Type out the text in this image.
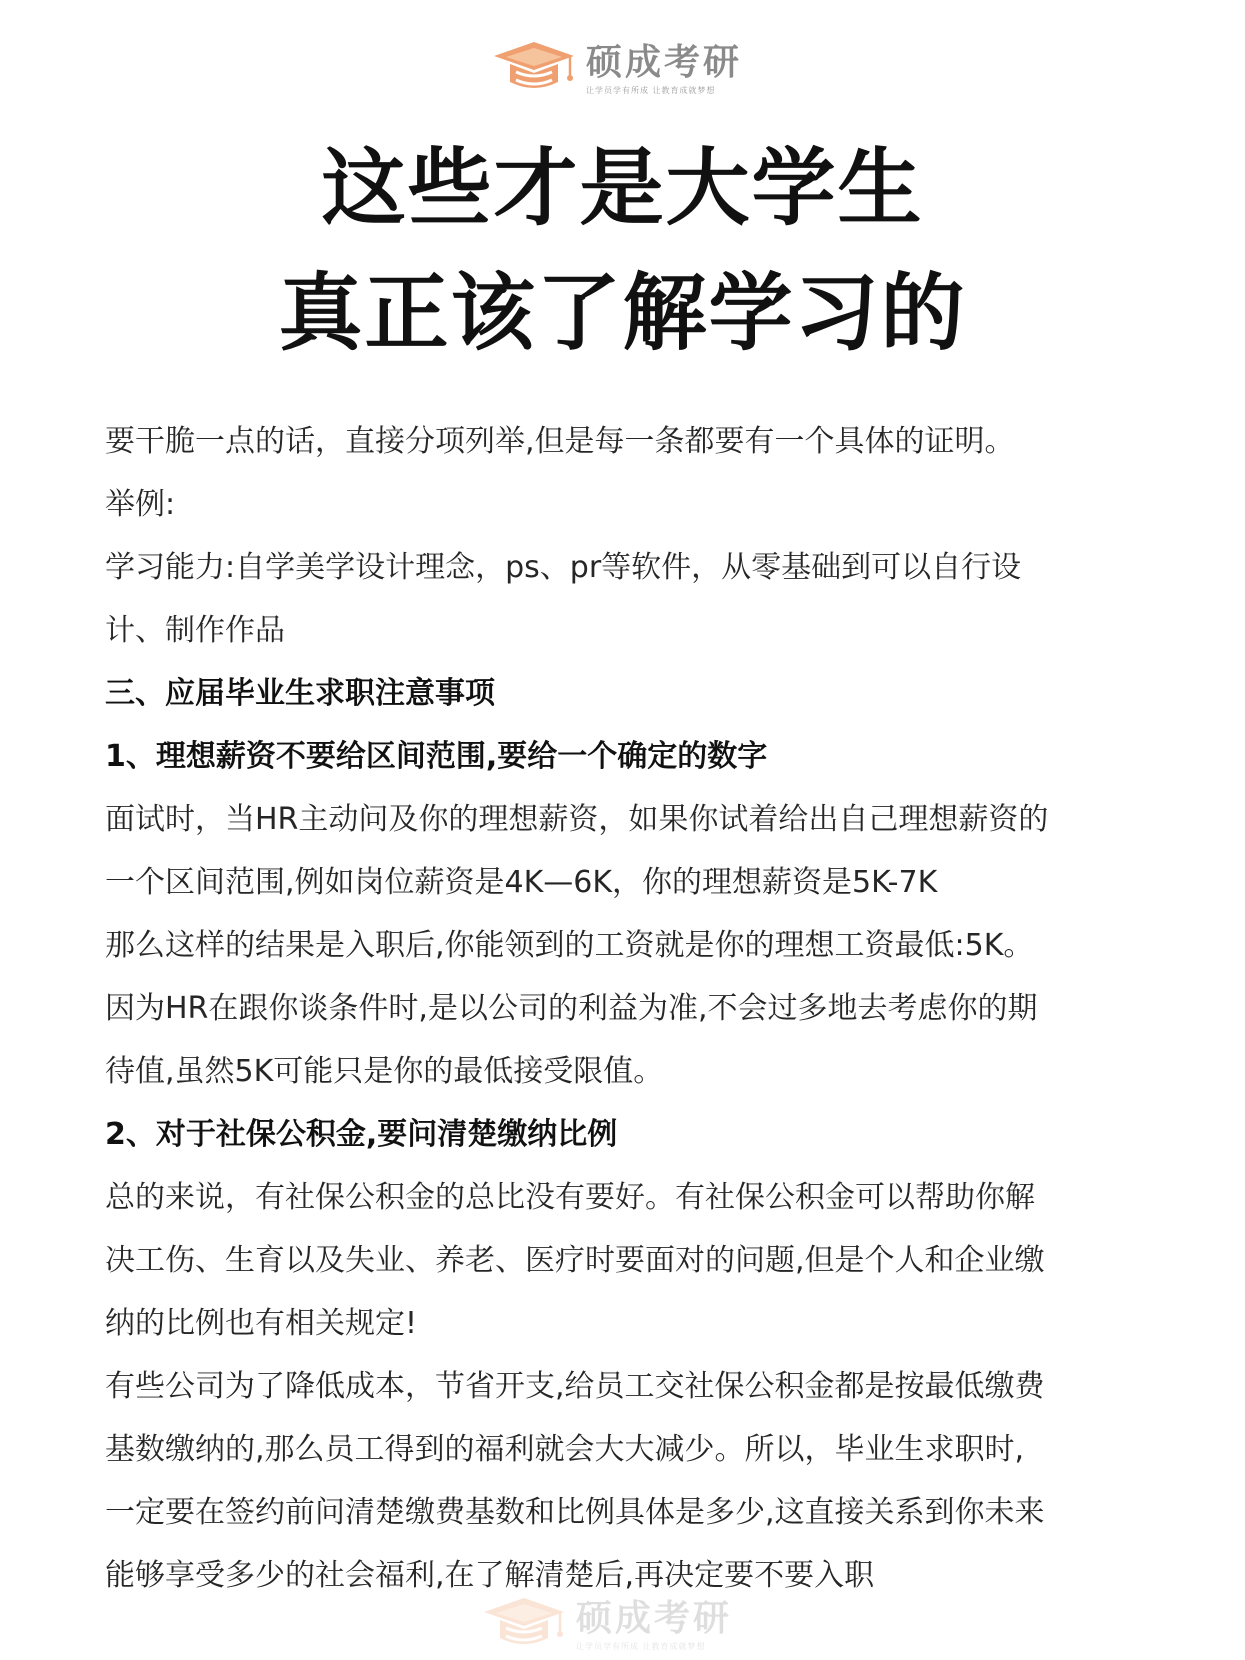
硕成考研
让学员学有所成 让教育成就梦想
这些才是大学生
真正该了解学习的
要干脆一点的话，直接分项列举,但是每一条都要有一个具体的证明。
举例:
学习能力:自学美学设计理念，ps、pr等软件，从零基础到可以自行设
计、制作作品
三、应届毕业生求职注意事项
1、理想薪资不要给区间范围,要给一个确定的数字
面试时，当HR主动问及你的理想薪资，如果你试着给出自己理想薪资的
一个区间范围,例如岗位薪资是4K—6K，你的理想薪资是5K-7K
那么这样的结果是入职后,你能领到的工资就是你的理想工资最低:5K。
因为HR在跟你谈条件时,是以公司的利益为准,不会过多地去考虑你的期
待值,虽然5K可能只是你的最低接受限值。
2、对于社保公积金,要问清楚缴纳比例
总的来说，有社保公积金的总比没有要好。有社保公积金可以帮助你解
决工伤、生育以及失业、养老、医疗时要面对的问题,但是个人和企业缴
纳的比例也有相关规定!
有些公司为了降低成本，节省开支,给员工交社保公积金都是按最低缴费
基数缴纳的,那么员工得到的福利就会大大减少。所以，毕业生求职时,
一定要在签约前问清楚缴费基数和比例具体是多少,这直接关系到你未来
能够享受多少的社会福利,在了解清楚后,再决定要不要入职
硕成考研
让学员学有所成 让教育成就梦想
